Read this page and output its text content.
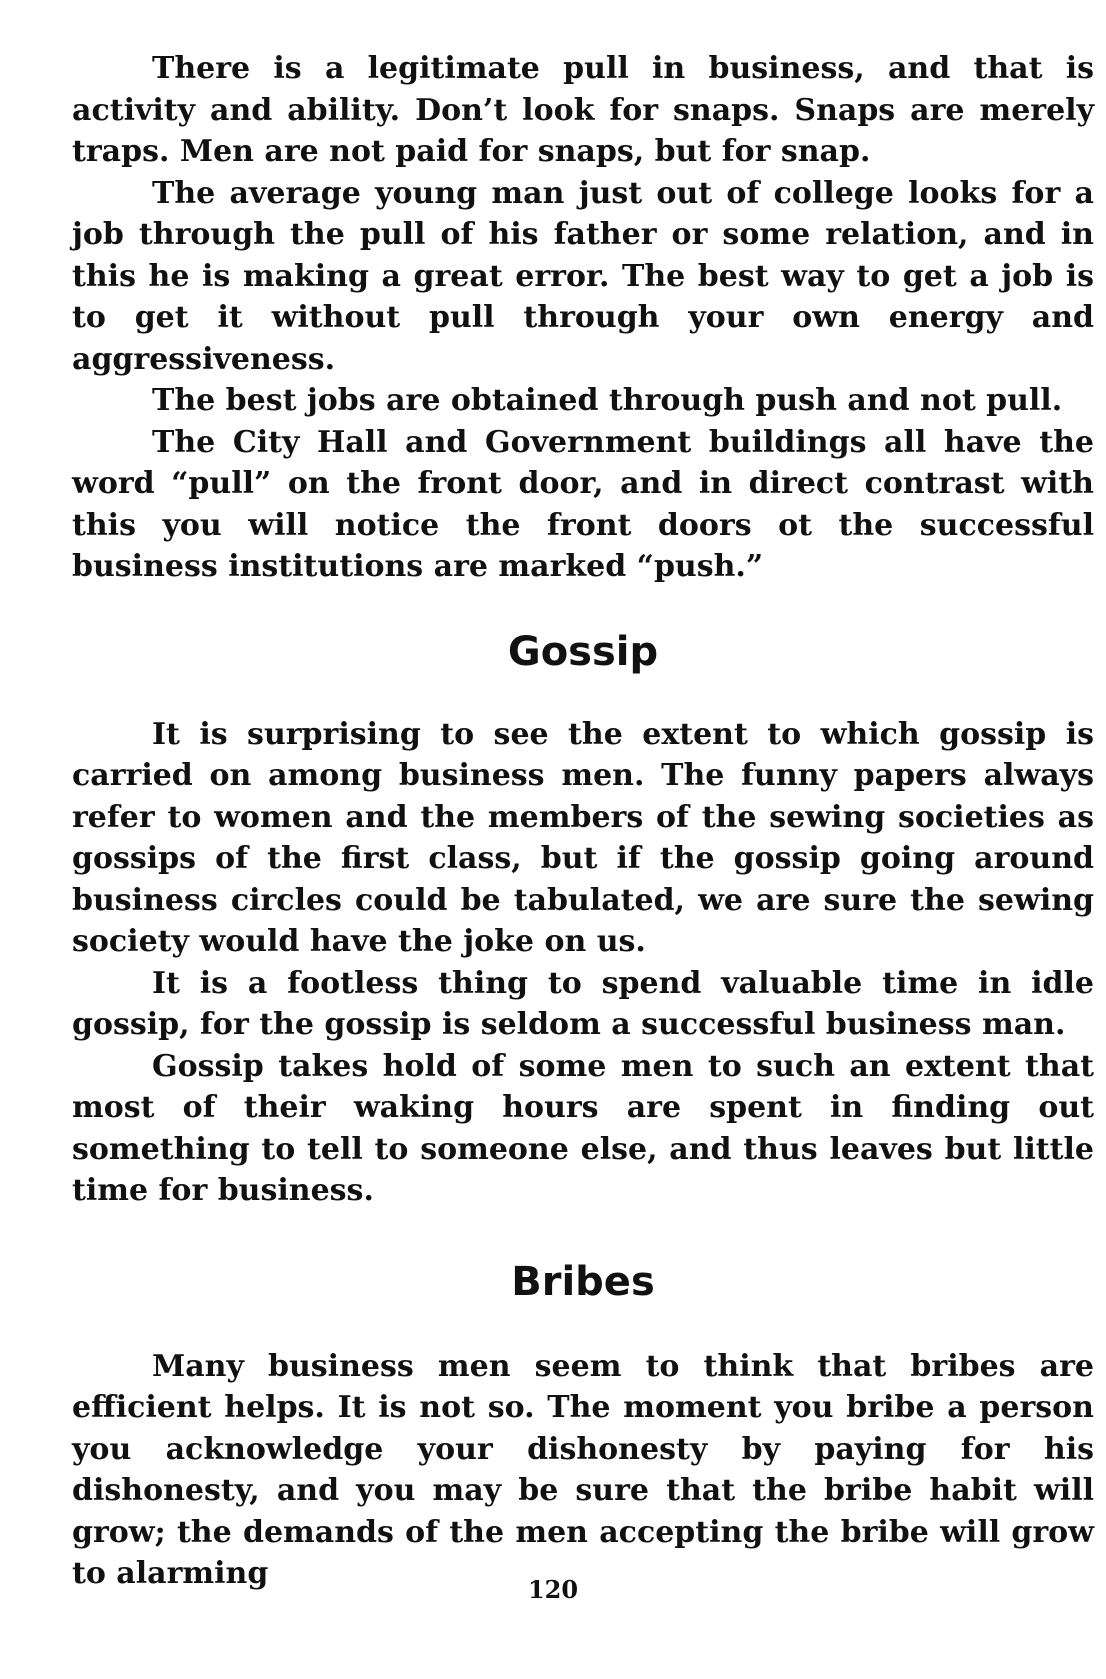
There is a legitimate pull in business, and that is activity and ability. Don’t look for snaps. Snaps are merely traps. Men are not paid for snaps, but for snap.

The average young man just out of college looks for a job through the pull of his father or some relation, and in this he is making a great error. The best way to get a job is to get it without pull through your own energy and aggressiveness.

The best jobs are obtained through push and not pull.

The City Hall and Government buildings all have the word “pull” on the front door, and in direct contrast with this you will notice the front doors ot the successful business institutions are marked “push.”

Gossip

It is surprising to see the extent to which gossip is carried on among business men. The funny papers always refer to women and the members of the sewing societies as gossips of the first class, but if the gossip going around business circles could be tabulated, we are sure the sewing society would have the joke on us.

It is a footless thing to spend valuable time in idle gossip, for the gossip is seldom a successful business man.

Gossip takes hold of some men to such an extent that most of their waking hours are spent in finding out something to tell to someone else, and thus leaves but little time for business.

Bribes

Many business men seem to think that bribes are efficient helps. It is not so. The moment you bribe a person you acknowledge your dishonesty by paying for his dishonesty, and you may be sure that the bribe habit will grow; the demands of the men accepting the bribe will grow to alarming	120
